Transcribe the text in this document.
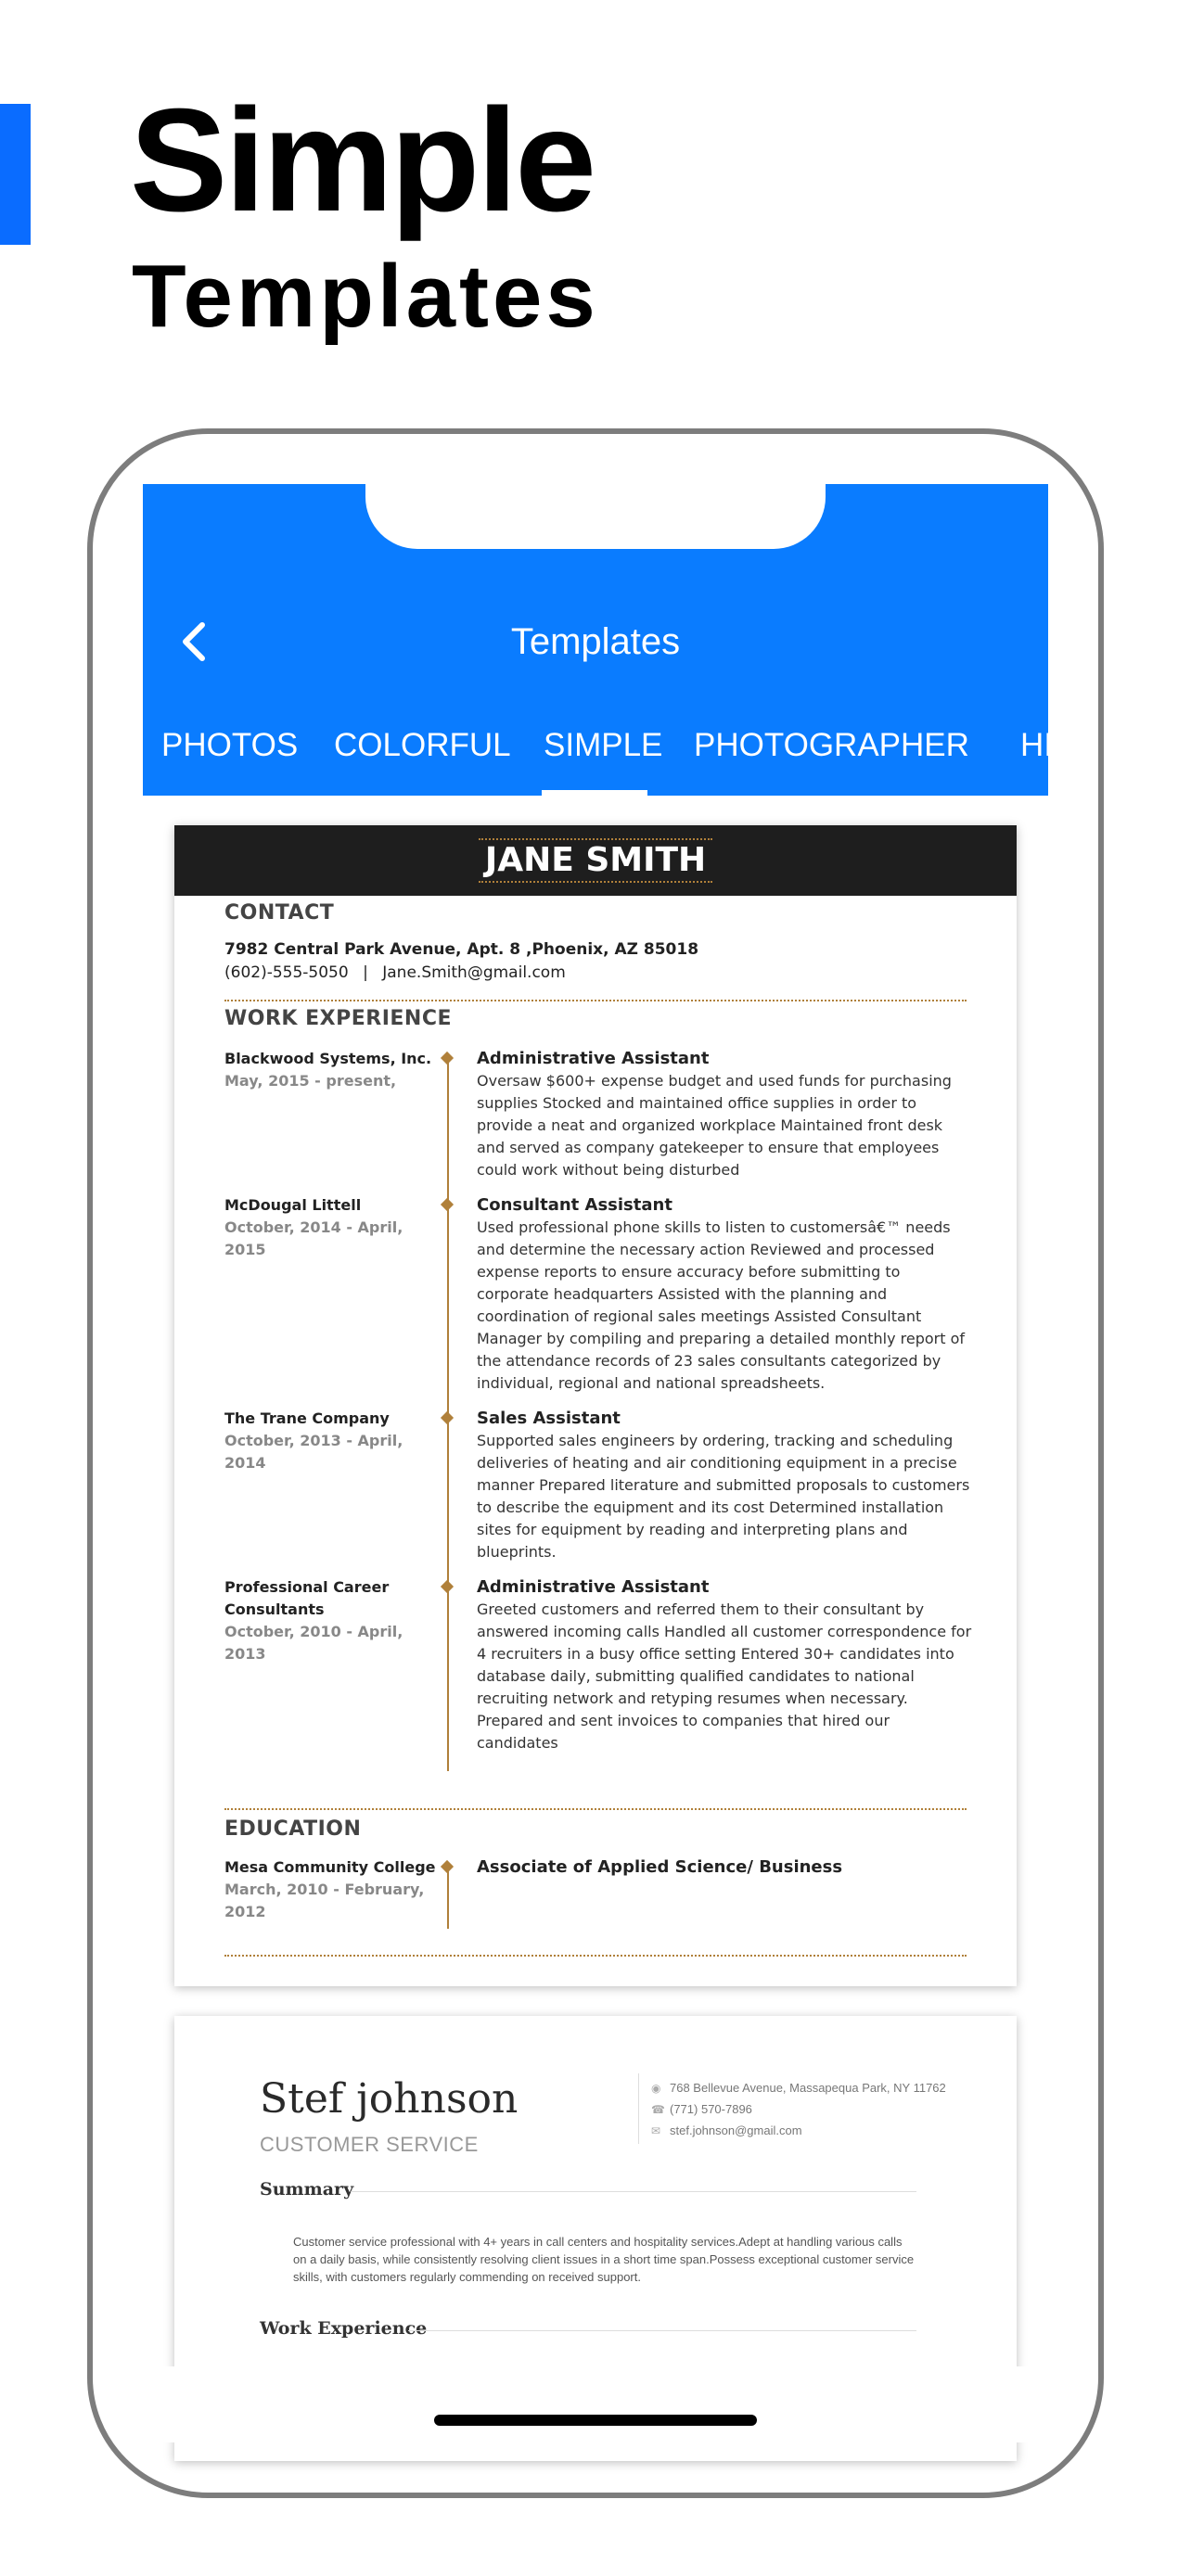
Simple
Templates
Templates
PHOTOS COLORFUL SIMPLE PHOTOGRAPHER HI
JANE SMITH
CONTACT
7982 Central Park Avenue, Apt. 8 ,Phoenix, AZ 85018
(602)-555-5050 | Jane.Smith@gmail.com
WORK EXPERIENCE
Blackwood Systems, Inc.
May, 2015 - present,
Administrative Assistant
Oversaw $600+ expense budget and used funds for purchasing supplies Stocked and maintained office supplies in order to provide a neat and organized workplace Maintained front desk and served as company gatekeeper to ensure that employees could work without being disturbed
McDougal Littell
October, 2014 - April, 2015
Consultant Assistant
Used professional phone skills to listen to customersâ€™ needs and determine the necessary action Reviewed and processed expense reports to ensure accuracy before submitting to corporate headquarters Assisted with the planning and coordination of regional sales meetings Assisted Consultant Manager by compiling and preparing a detailed monthly report of the attendance records of 23 sales consultants categorized by individual, regional and national spreadsheets.
The Trane Company
October, 2013 - April, 2014
Sales Assistant
Supported sales engineers by ordering, tracking and scheduling deliveries of heating and air conditioning equipment in a precise manner Prepared literature and submitted proposals to customers to describe the equipment and its cost Determined installation sites for equipment by reading and interpreting plans and blueprints.
Professional Career Consultants
October, 2010 - April, 2013
Administrative Assistant
Greeted customers and referred them to their consultant by answered incoming calls Handled all customer correspondence for 4 recruiters in a busy office setting Entered 30+ candidates into database daily, submitting qualified candidates to national recruiting network and retyping resumes when necessary. Prepared and sent invoices to companies that hired our candidates
EDUCATION
Mesa Community College
March, 2010 - February, 2012
Associate of Applied Science/ Business
Stef johnson
CUSTOMER SERVICE
◉ 768 Bellevue Avenue, Massapequa Park, NY 11762
☎ (771) 570-7896
✉ stef.johnson@gmail.com
Summary
Customer service professional with 4+ years in call centers and hospitality services.Adept at handling various calls on a daily basis, while consistently resolving client issues in a short time span.Possess exceptional customer service skills, with customers regularly commending on received support.
Work Experience
